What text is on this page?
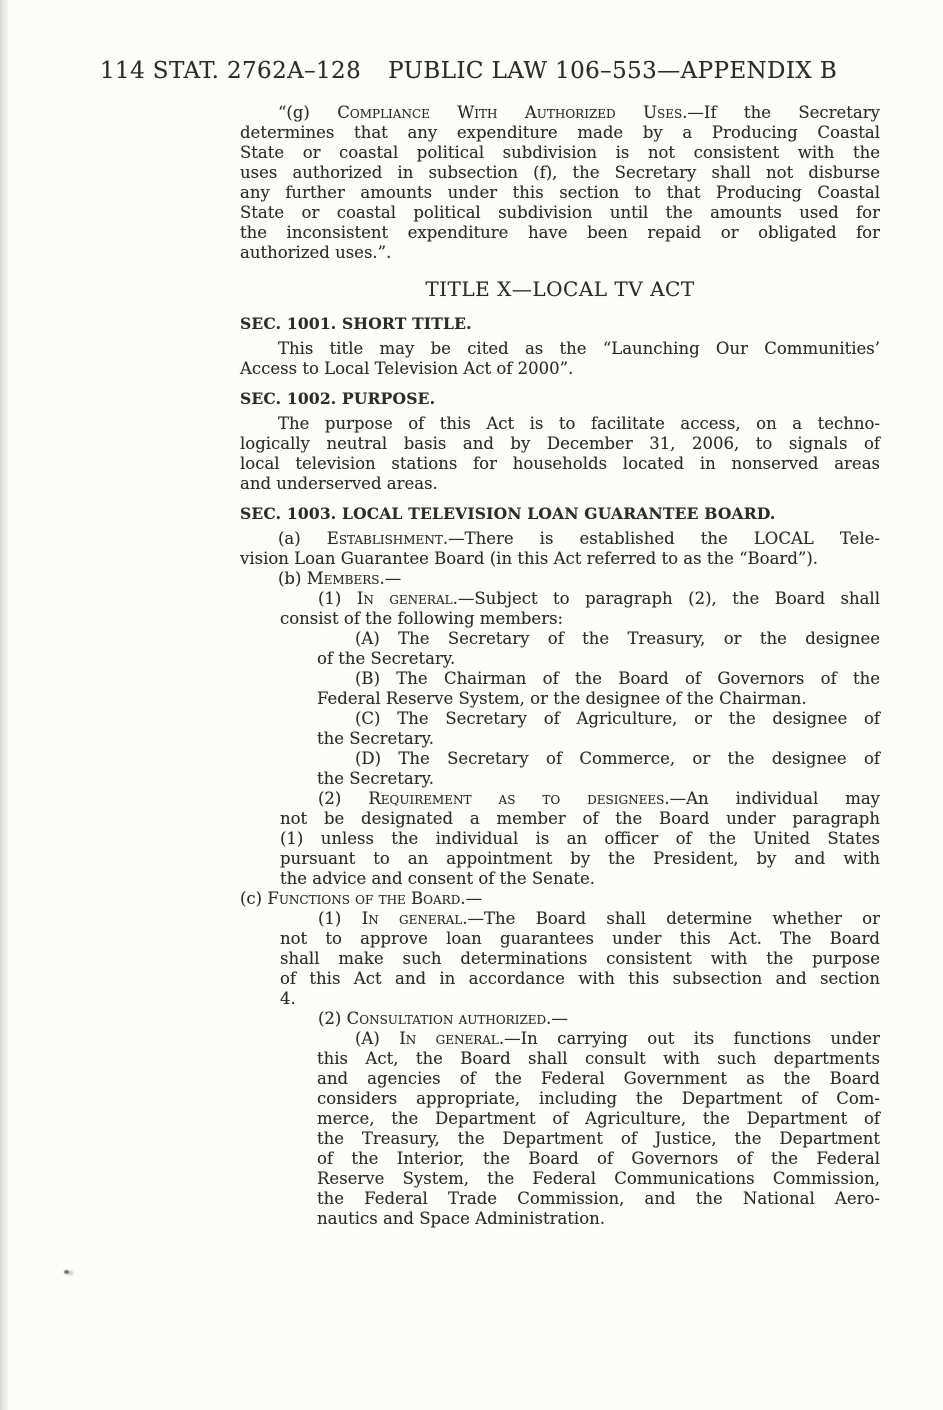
114 STAT. 2762A–128 PUBLIC LAW 106–553—APPENDIX B
“(g) Compliance With Authorized Uses.—If the Secretary
determines that any expenditure made by a Producing Coastal
State or coastal political subdivision is not consistent with the
uses authorized in subsection (f), the Secretary shall not disburse
any further amounts under this section to that Producing Coastal
State or coastal political subdivision until the amounts used for
the inconsistent expenditure have been repaid or obligated for
authorized uses.”.
TITLE X—LOCAL TV ACT
SEC. 1001. SHORT TITLE.
This title may be cited as the “Launching Our Communities’
Access to Local Television Act of 2000”.
SEC. 1002. PURPOSE.
The purpose of this Act is to facilitate access, on a techno-
logically neutral basis and by December 31, 2006, to signals of
local television stations for households located in nonserved areas
and underserved areas.
SEC. 1003. LOCAL TELEVISION LOAN GUARANTEE BOARD.
(a) Establishment.—There is established the LOCAL Tele-
vision Loan Guarantee Board (in this Act referred to as the “Board”).
(b) Members.—
(1) In general.—Subject to paragraph (2), the Board shall
consist of the following members:
(A) The Secretary of the Treasury, or the designee
of the Secretary.
(B) The Chairman of the Board of Governors of the
Federal Reserve System, or the designee of the Chairman.
(C) The Secretary of Agriculture, or the designee of
the Secretary.
(D) The Secretary of Commerce, or the designee of
the Secretary.
(2) Requirement as to designees.—An individual may
not be designated a member of the Board under paragraph
(1) unless the individual is an officer of the United States
pursuant to an appointment by the President, by and with
the advice and consent of the Senate.
(c) Functions of the Board.—
(1) In general.—The Board shall determine whether or
not to approve loan guarantees under this Act. The Board
shall make such determinations consistent with the purpose
of this Act and in accordance with this subsection and section
4.
(2) Consultation authorized.—
(A) In general.—In carrying out its functions under
this Act, the Board shall consult with such departments
and agencies of the Federal Government as the Board
considers appropriate, including the Department of Com-
merce, the Department of Agriculture, the Department of
the Treasury, the Department of Justice, the Department
of the Interior, the Board of Governors of the Federal
Reserve System, the Federal Communications Commission,
the Federal Trade Commission, and the National Aero-
nautics and Space Administration.
